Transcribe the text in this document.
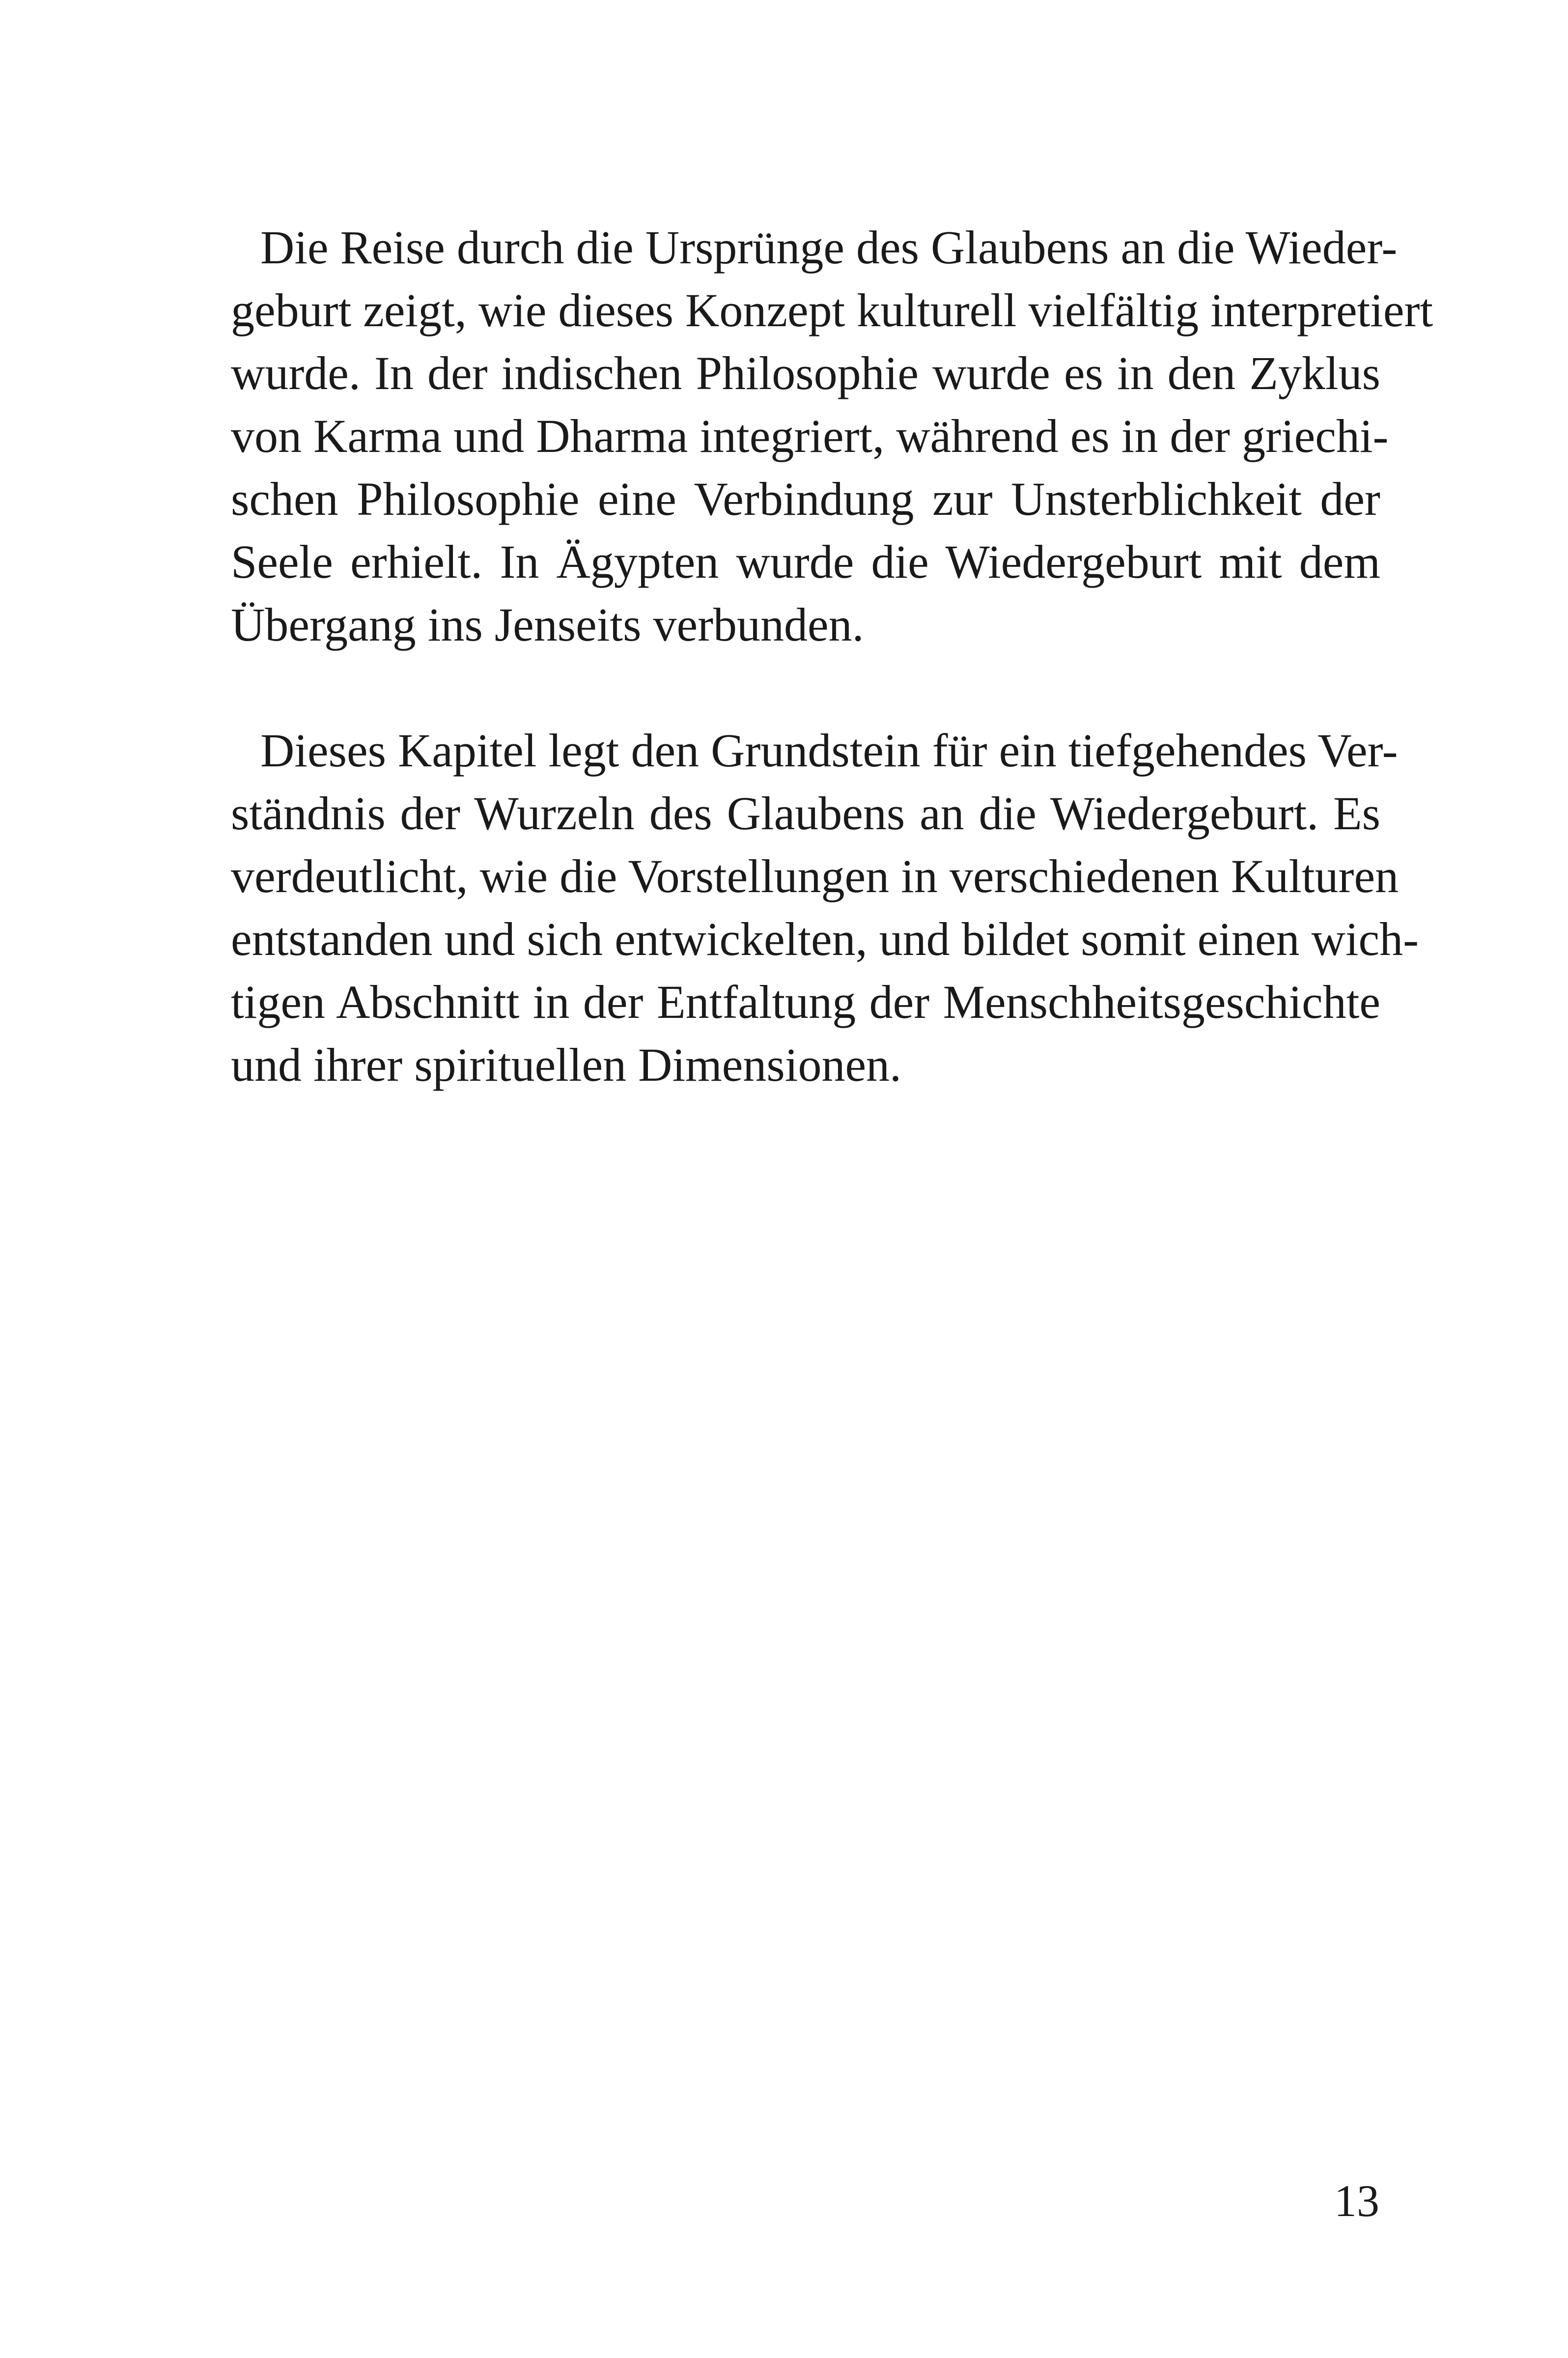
Die Reise durch die Ursprünge des Glaubens an die Wieder-
geburt zeigt, wie dieses Konzept kulturell vielfältig interpretiert
wurde. In der indischen Philosophie wurde es in den Zyklus
von Karma und Dharma integriert, während es in der griechi-
schen Philosophie eine Verbindung zur Unsterblichkeit der
Seele erhielt. In Ägypten wurde die Wiedergeburt mit dem
Übergang ins Jenseits verbunden.
Dieses Kapitel legt den Grundstein für ein tiefgehendes Ver-
ständnis der Wurzeln des Glaubens an die Wiedergeburt. Es
verdeutlicht, wie die Vorstellungen in verschiedenen Kulturen
entstanden und sich entwickelten, und bildet somit einen wich-
tigen Abschnitt in der Entfaltung der Menschheitsgeschichte
und ihrer spirituellen Dimensionen.
13
